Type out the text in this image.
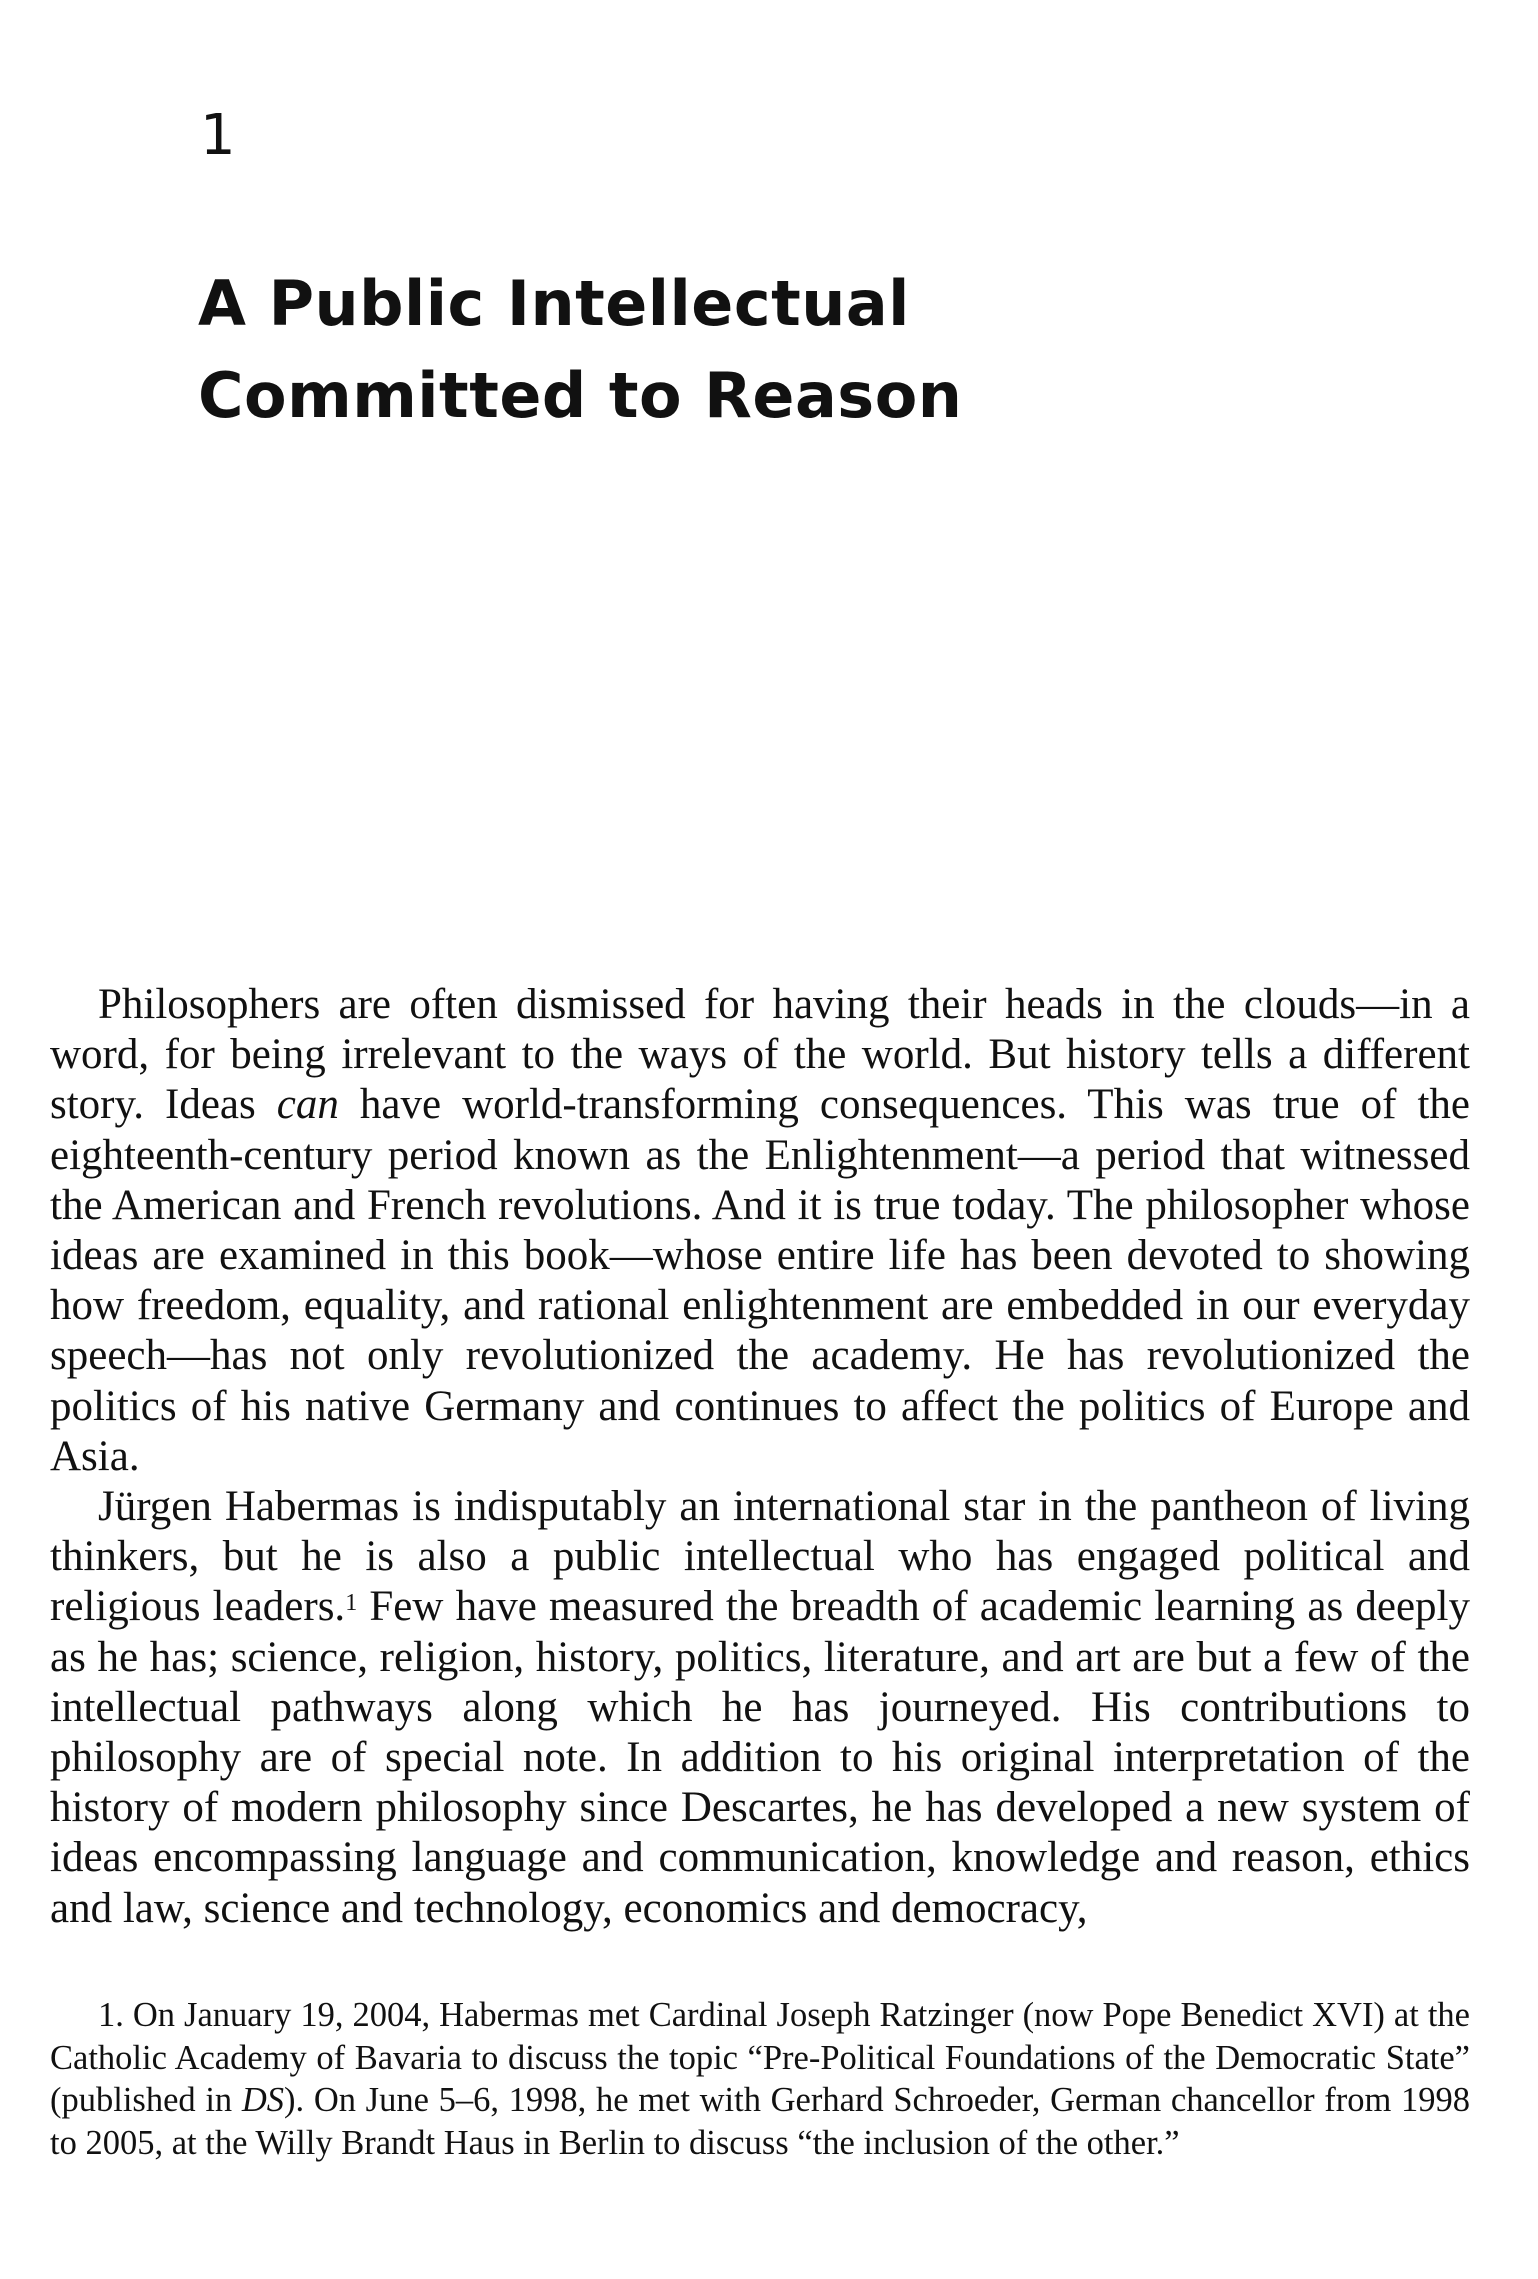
1
A Public Intellectual
Committed to Reason

Philosophers are often dismissed for having their heads in the clouds—in a word, for being irrelevant to the ways of the world. But history tells a different story. Ideas can have world-transforming consequences. This was true of the eighteenth-century period known as the Enlightenment—a period that witnessed the American and French revolutions. And it is true today. The philosopher whose ideas are examined in this book—whose entire life has been devoted to showing how freedom, equality, and rational enlightenment are embedded in our everyday speech—has not only revolutionized the academy. He has revolutionized the politics of his native Germany and continues to affect the politics of Europe and Asia.

Jürgen Habermas is indisputably an international star in the pantheon of living thinkers, but he is also a public intellectual who has engaged political and religious leaders.$^1$ Few have measured the breadth of academic learning as deeply as he has; science, religion, history, politics, literature, and art are but a few of the intellectual pathways along which he has journeyed. His contributions to philosophy are of special note. In addition to his original interpretation of the history of modern philosophy since Descartes, he has developed a new system of ideas encompassing language and communication, knowledge and reason, ethics and law, science and technology, economics and democracy,

1. On January 19, 2004, Habermas met Cardinal Joseph Ratzinger (now Pope Benedict XVI) at the Catholic Academy of Bavaria to discuss the topic “Pre-Political Foundations of the Democratic State” (published in DS). On June 5–6, 1998, he met with Gerhard Schroeder, German chancellor from 1998 to 2005, at the Willy Brandt Haus in Berlin to discuss “the inclusion of the other.”
